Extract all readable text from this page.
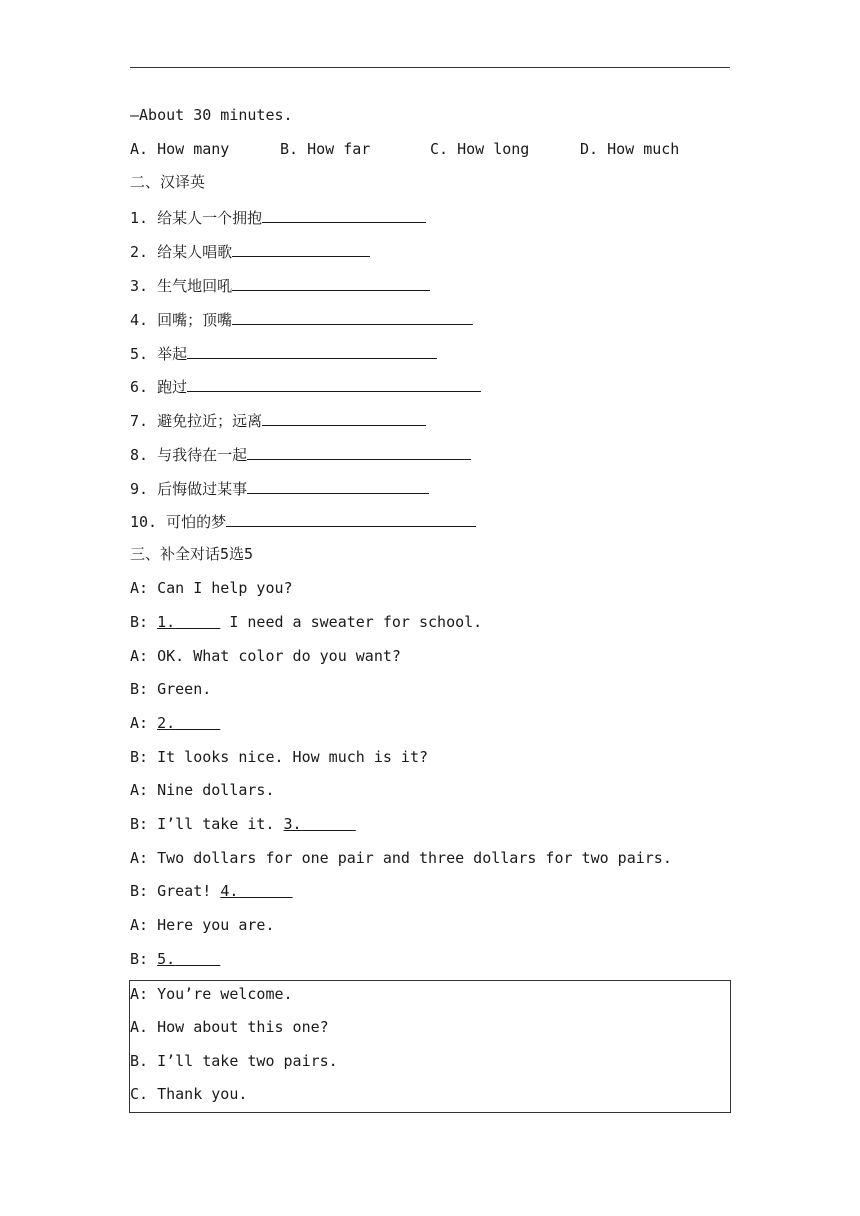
—About 30 minutes.
A. How many	B. How far	C. How long	D. How much
二、汉译英
1. 给某人一个拥抱
2. 给某人唱歌
3. 生气地回吼
4. 回嘴；顶嘴
5. 举起
6. 跑过
7. 避免拉近；远离
8. 与我待在一起
9. 后悔做过某事
10. 可怕的梦
三、补全对话5选5
A: Can I help you?
B: 1.	I need a sweater for school.
A: OK. What color do you want?
B: Green.
A: 2.
B: It looks nice. How much is it?
A: Nine dollars.
B: I’ll take it. 3.
A: Two dollars for one pair and three dollars for two pairs.
B: Great! 4.
A: Here you are.
B: 5.
A: You’re welcome.
A. How about this one?
B. I’ll take two pairs.
C. Thank you.
